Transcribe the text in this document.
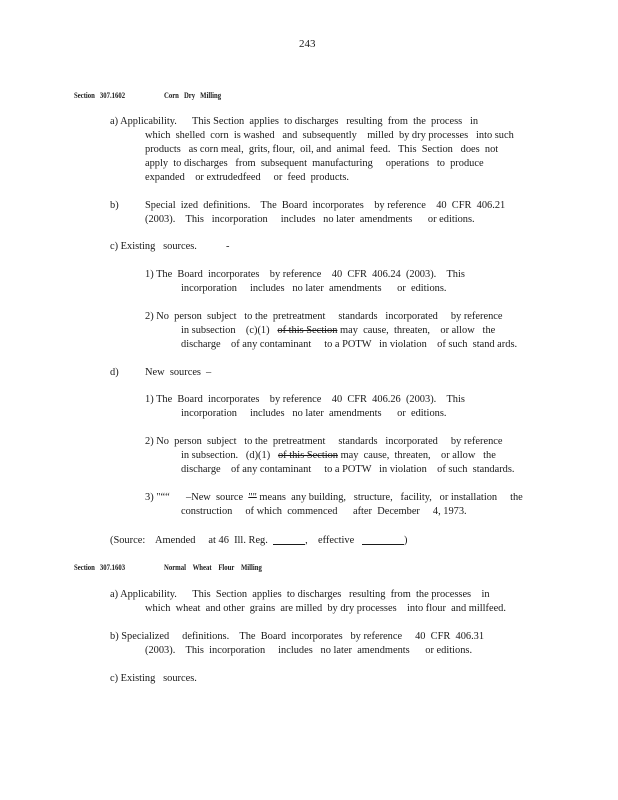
243
Section   307.1602	Corn   Dry   Milling
a) Applicability. This Section  applies  to discharges   resulting  from  the  process   in
which  shelled  corn  is washed   and  subsequently    milled  by dry processes   into such
products   as corn meal,  grits, flour,  oil, and  animal  feed.   This  Section   does  not
apply  to discharges   from  subsequent  manufacturing     operations   to  produce
expanded    or extrudedfeed     or  feed  products.
b)	Special  ized  definitions.    The  Board  incorporates    by reference    40  CFR  406.21
(2003).    This   incorporation     includes   no later  amendments      or editions.
c) Existing   sources.	-
1) The  Board  incorporates    by reference    40  CFR  406.24  (2003).    This
incorporation     includes   no later  amendments      or  editions.
2) No  person  subject   to the  pretreatment     standards   incorporated     by reference
in subsection    (c)(1) of this Section may  cause,  threaten,    or allow   the
discharge    of any contaminant     to a POTW   in violation    of such  stand ards.
d)	New  sources –
1) The  Board  incorporates    by reference    40  CFR  406.26  (2003).    This
incorporation     includes   no later  amendments      or  editions.
2) No  person  subject   to the  pretreatment     standards   incorporated     by reference
in subsection.   (d)(1) of this Section may  cause,  threaten,    or allow   the
discharge    of any contaminant     to a POTW   in violation    of such  standards.
3) "““ –New  source  "" means  any building,   structure,   facility,   or installation     the
construction     of which  commenced      after  December     4, 1973.
(Source:    Amended     at 46  Ill. Reg.	,    effective	)
Section   307.1603	Normal    Wheat    Flour    Milling
a) Applicability.      This  Section  applies  to discharges   resulting  from  the processes    in
which  wheat  and other  grains  are milled  by dry processes    into flour  and millfeed.
b) Specialized     definitions.    The  Board  incorporates   by reference     40  CFR  406.31
(2003).    This  incorporation     includes   no later  amendments      or editions.
c) Existing   sources.
